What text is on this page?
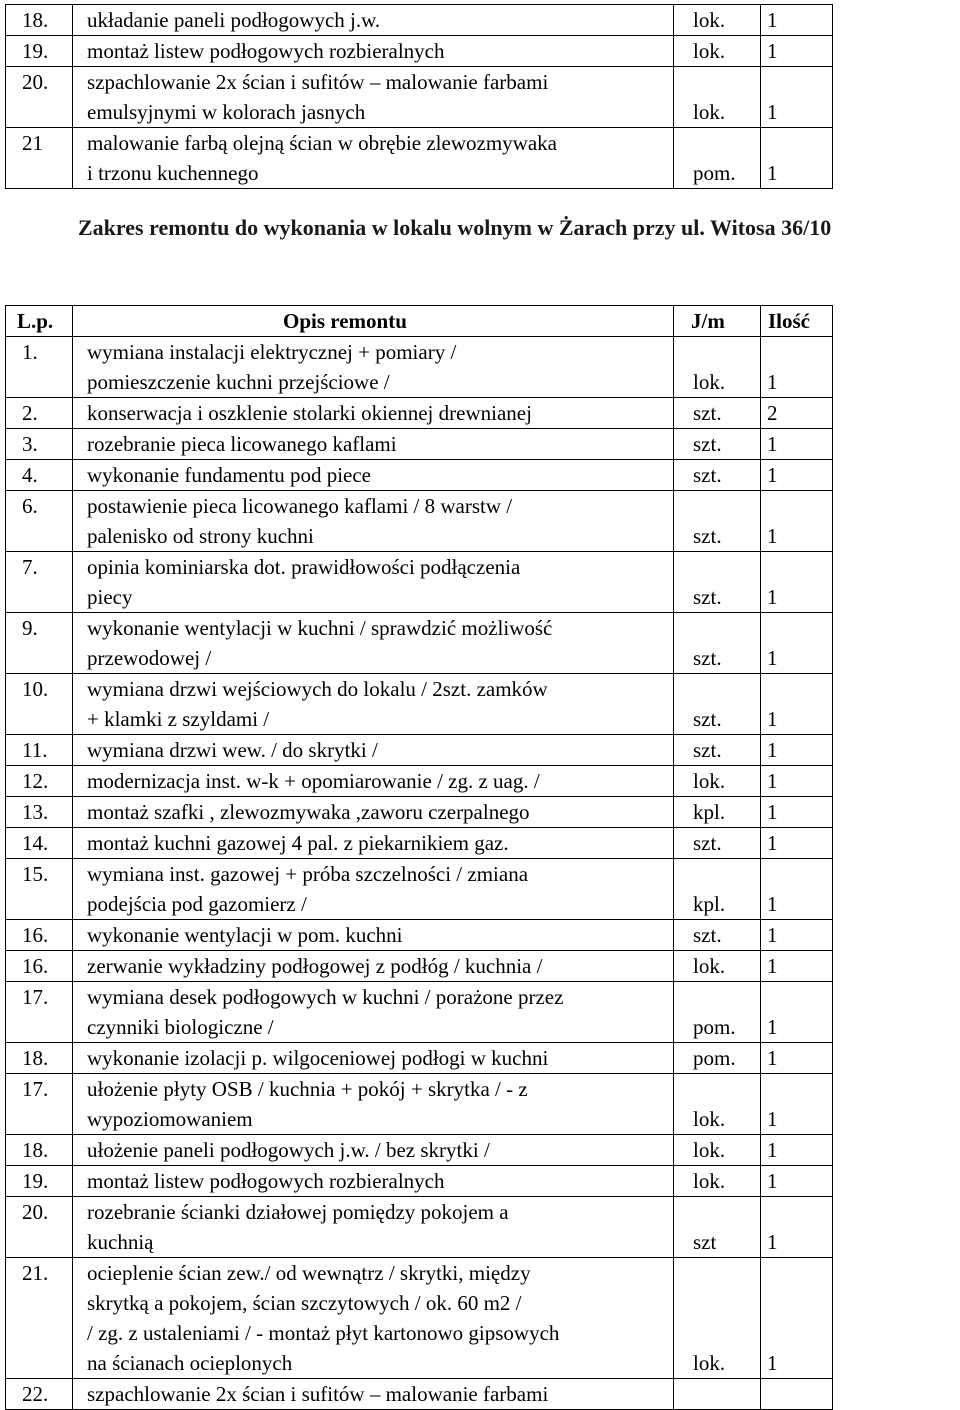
18.	układanie paneli podłogowych j.w.	lok.	1
19.	montaż listew podłogowych rozbieralnych	lok.	1
20.	szpachlowanie 2x ścian i sufitów – malowanie farbami
emulsyjnymi w kolorach jasnych	lok.	1
21	malowanie farbą olejną ścian w obrębie zlewozmywaka
i trzonu kuchennego	pom.	1
Zakres remontu do wykonania w lokalu wolnym w Żarach przy ul. Witosa 36/10
L.p.	Opis remontu	J/m	Ilość
1.	wymiana instalacji elektrycznej + pomiary /
pomieszczenie kuchni przejściowe /	lok.	1
2.	konserwacja i oszklenie stolarki okiennej drewnianej	szt.	2
3.	rozebranie pieca licowanego kaflami	szt.	1
4.	wykonanie fundamentu pod piece	szt.	1
6.	postawienie pieca licowanego kaflami / 8 warstw /
palenisko od strony kuchni	szt.	1
7.	opinia kominiarska dot. prawidłowości podłączenia
piecy	szt.	1
9.	wykonanie wentylacji w kuchni / sprawdzić możliwość
przewodowej /	szt.	1
10.	wymiana drzwi wejściowych do lokalu / 2szt. zamków
+ klamki z szyldami /	szt.	1
11.	wymiana drzwi wew. / do skrytki /	szt.	1
12.	modernizacja inst. w-k + opomiarowanie / zg. z uag. /	lok.	1
13.	montaż szafki , zlewozmywaka ,zaworu czerpalnego	kpl.	1
14.	montaż kuchni gazowej 4 pal. z piekarnikiem gaz.	szt.	1
15.	wymiana inst. gazowej + próba szczelności / zmiana
podejścia pod gazomierz /	kpl.	1
16.	wykonanie wentylacji w pom. kuchni	szt.	1
16.	zerwanie wykładziny podłogowej z podłóg / kuchnia /	lok.	1
17.	wymiana desek podłogowych w kuchni / porażone przez
czynniki biologiczne /	pom.	1
18.	wykonanie izolacji p. wilgoceniowej podłogi w kuchni	pom.	1
17.	ułożenie płyty OSB / kuchnia + pokój + skrytka / - z
wypoziomowaniem	lok.	1
18.	ułożenie paneli podłogowych j.w. / bez skrytki /	lok.	1
19.	montaż listew podłogowych rozbieralnych	lok.	1
20.	rozebranie ścianki działowej pomiędzy pokojem a
kuchnią	szt	1
21.	ocieplenie ścian zew./ od wewnątrz / skrytki, między
skrytką a pokojem, ścian szczytowych / ok. 60 m2 /
/ zg. z ustaleniami / - montaż płyt kartonowo gipsowych
na ścianach ocieplonych	lok.	1
22.	szpachlowanie 2x ścian i sufitów – malowanie farbami		
